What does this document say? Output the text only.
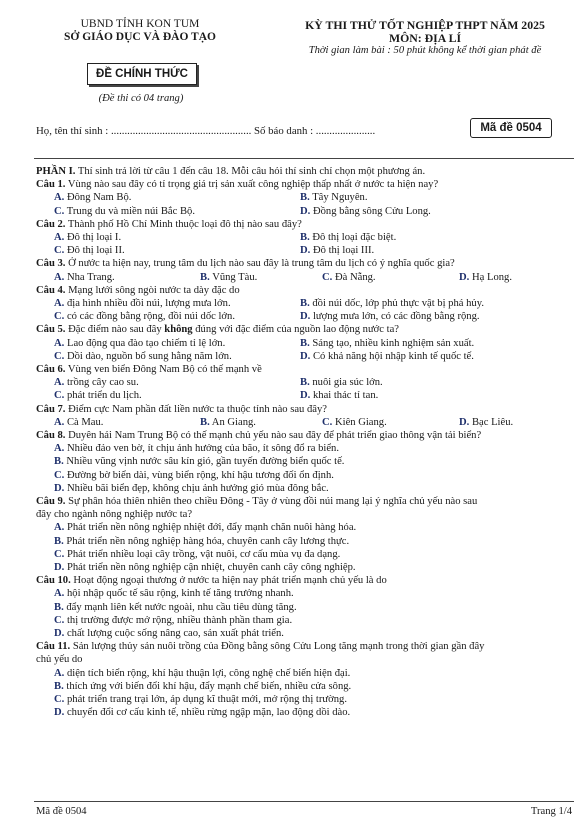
UBND TỈNH KON TUM
SỞ GIÁO DỤC VÀ ĐÀO TẠO
KỲ THI THỬ TỐT NGHIỆP THPT NĂM 2025
MÔN: ĐỊA LÍ
Thời gian làm bài : 50 phút không kể thời gian phát đề
ĐỀ CHÍNH THỨC
(Đề thi có 04 trang)
Họ, tên thí sinh : .................................................... Số báo danh : ......................	Mã đề 0504
PHẦN I. Thí sinh trả lời từ câu 1 đến câu 18. Mỗi câu hỏi thí sinh chỉ chọn một phương án.
Câu 1. Vùng nào sau đây có tỉ trọng giá trị sản xuất công nghiệp thấp nhất ở nước ta hiện nay?
A. Đông Nam Bộ.	B. Tây Nguyên.
C. Trung du và miền núi Bắc Bộ.	D. Đồng bằng sông Cửu Long.
Câu 2. Thành phố Hồ Chí Minh thuộc loại đô thị nào sau đây?
A. Đô thị loại I.	B. Đô thị loại đặc biệt.
C. Đô thị loại II.	D. Đô thị loại III.
Câu 3. Ở nước ta hiện nay, trung tâm du lịch nào sau đây là trung tâm du lịch có ý nghĩa quốc gia?
A. Nha Trang.	B. Vũng Tàu.	C. Đà Nẵng.	D. Hạ Long.
Câu 4. Mạng lưới sông ngòi nước ta dày đặc do
A. địa hình nhiều đồi núi, lượng mưa lớn.	B. đồi núi dốc, lớp phủ thực vật bị phá hủy.
C. có các đồng bằng rộng, đồi núi dốc lớn.	D. lượng mưa lớn, có các đồng bằng rộng.
Câu 5. Đặc điểm nào sau đây không đúng với đặc điểm của nguồn lao động nước ta?
A. Lao động qua đào tạo chiếm tỉ lệ lớn.	B. Sáng tạo, nhiều kinh nghiệm sản xuất.
C. Dồi dào, nguồn bổ sung hằng năm lớn.	D. Có khả năng hội nhập kinh tế quốc tế.
Câu 6. Vùng ven biển Đông Nam Bộ có thế mạnh về
A. trồng cây cao su.	B. nuôi gia súc lớn.
C. phát triển du lịch.	D. khai thác tỉ tan.
Câu 7. Điểm cực Nam phần đất liền nước ta thuộc tỉnh nào sau đây?
A. Cà Mau.	B. An Giang.	C. Kiên Giang.	D. Bạc Liêu.
Câu 8. Duyên hải Nam Trung Bộ có thế mạnh chủ yếu nào sau đây để phát triển giao thông vận tải biển?
A. Nhiều đảo ven bờ, ít chịu ảnh hưởng của bão, ít sông đổ ra biển.
B. Nhiều vũng vịnh nước sâu kín gió, gần tuyến đường biển quốc tế.
C. Đường bờ biển dài, vùng biển rộng, khí hậu tương đối ổn định.
D. Nhiều bãi biển đẹp, không chịu ảnh hưởng gió mùa đông bắc.
Câu 9. Sự phân hóa thiên nhiên theo chiều Đông - Tây ở vùng đồi núi mang lại ý nghĩa chủ yếu nào sau
đây cho ngành nông nghiệp nước ta?
A. Phát triển nền nông nghiệp nhiệt đới, đẩy mạnh chăn nuôi hàng hóa.
B. Phát triển nền nông nghiệp hàng hóa, chuyên canh cây lương thực.
C. Phát triển nhiều loại cây trồng, vật nuôi, cơ cấu mùa vụ đa dạng.
D. Phát triển nền nông nghiệp cận nhiệt, chuyên canh cây công nghiệp.
Câu 10. Hoạt động ngoại thương ở nước ta hiện nay phát triển mạnh chủ yếu là do
A. hội nhập quốc tế sâu rộng, kinh tế tăng trưởng nhanh.
B. đẩy mạnh liên kết nước ngoài, nhu cầu tiêu dùng tăng.
C. thị trường được mở rộng, nhiều thành phần tham gia.
D. chất lượng cuộc sống nâng cao, sản xuất phát triển.
Câu 11. Sản lượng thủy sản nuôi trồng của Đồng bằng sông Cửu Long tăng mạnh trong thời gian gần đây
chủ yếu do
A. diện tích biển rộng, khí hậu thuận lợi, công nghệ chế biến hiện đại.
B. thích ứng với biến đổi khí hậu, đẩy mạnh chế biến, nhiều cửa sông.
C. phát triển trang trại lớn, áp dụng kĩ thuật mới, mở rộng thị trường.
D. chuyển đổi cơ cấu kinh tế, nhiều rừng ngập mặn, lao động dồi dào.
Mã đề 0504	Trang 1/4
